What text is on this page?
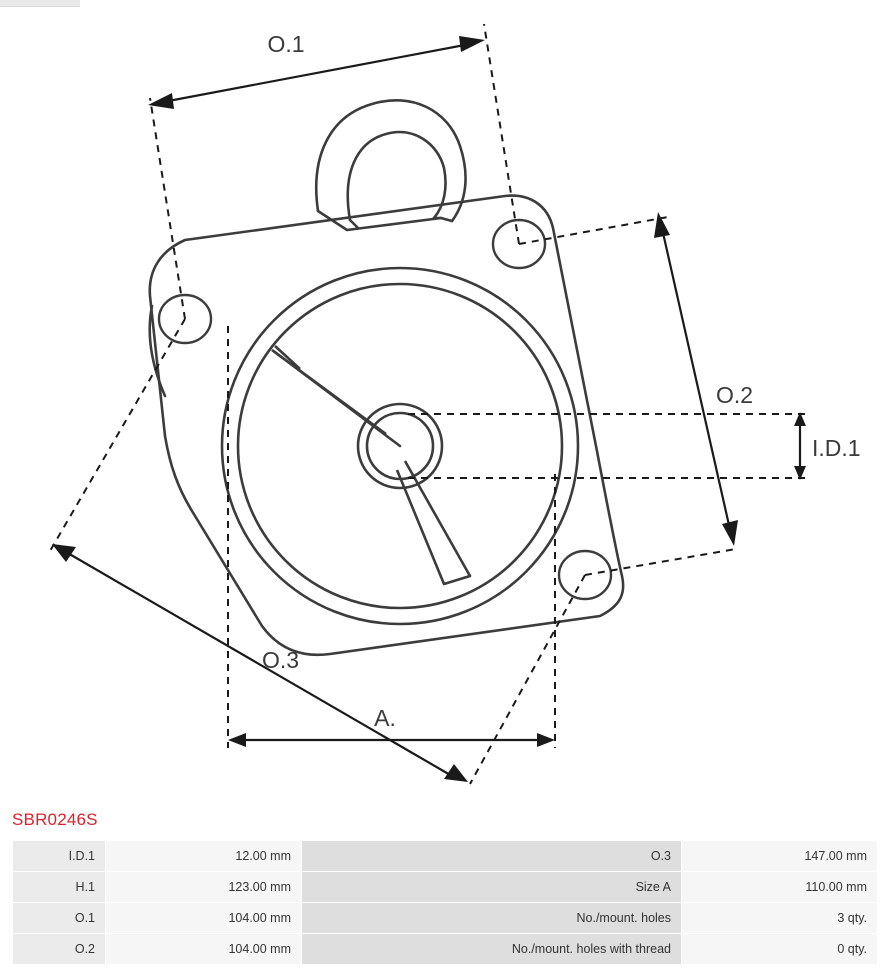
O.1
O.2
I.D.1
O.3
A.
SBR0246S
I.D.1	12.00 mm	O.3	147.00 mm
H.1	123.00 mm	Size A	110.00 mm
O.1	104.00 mm	No./mount. holes	3 qty.
O.2	104.00 mm	No./mount. holes with thread	0 qty.
